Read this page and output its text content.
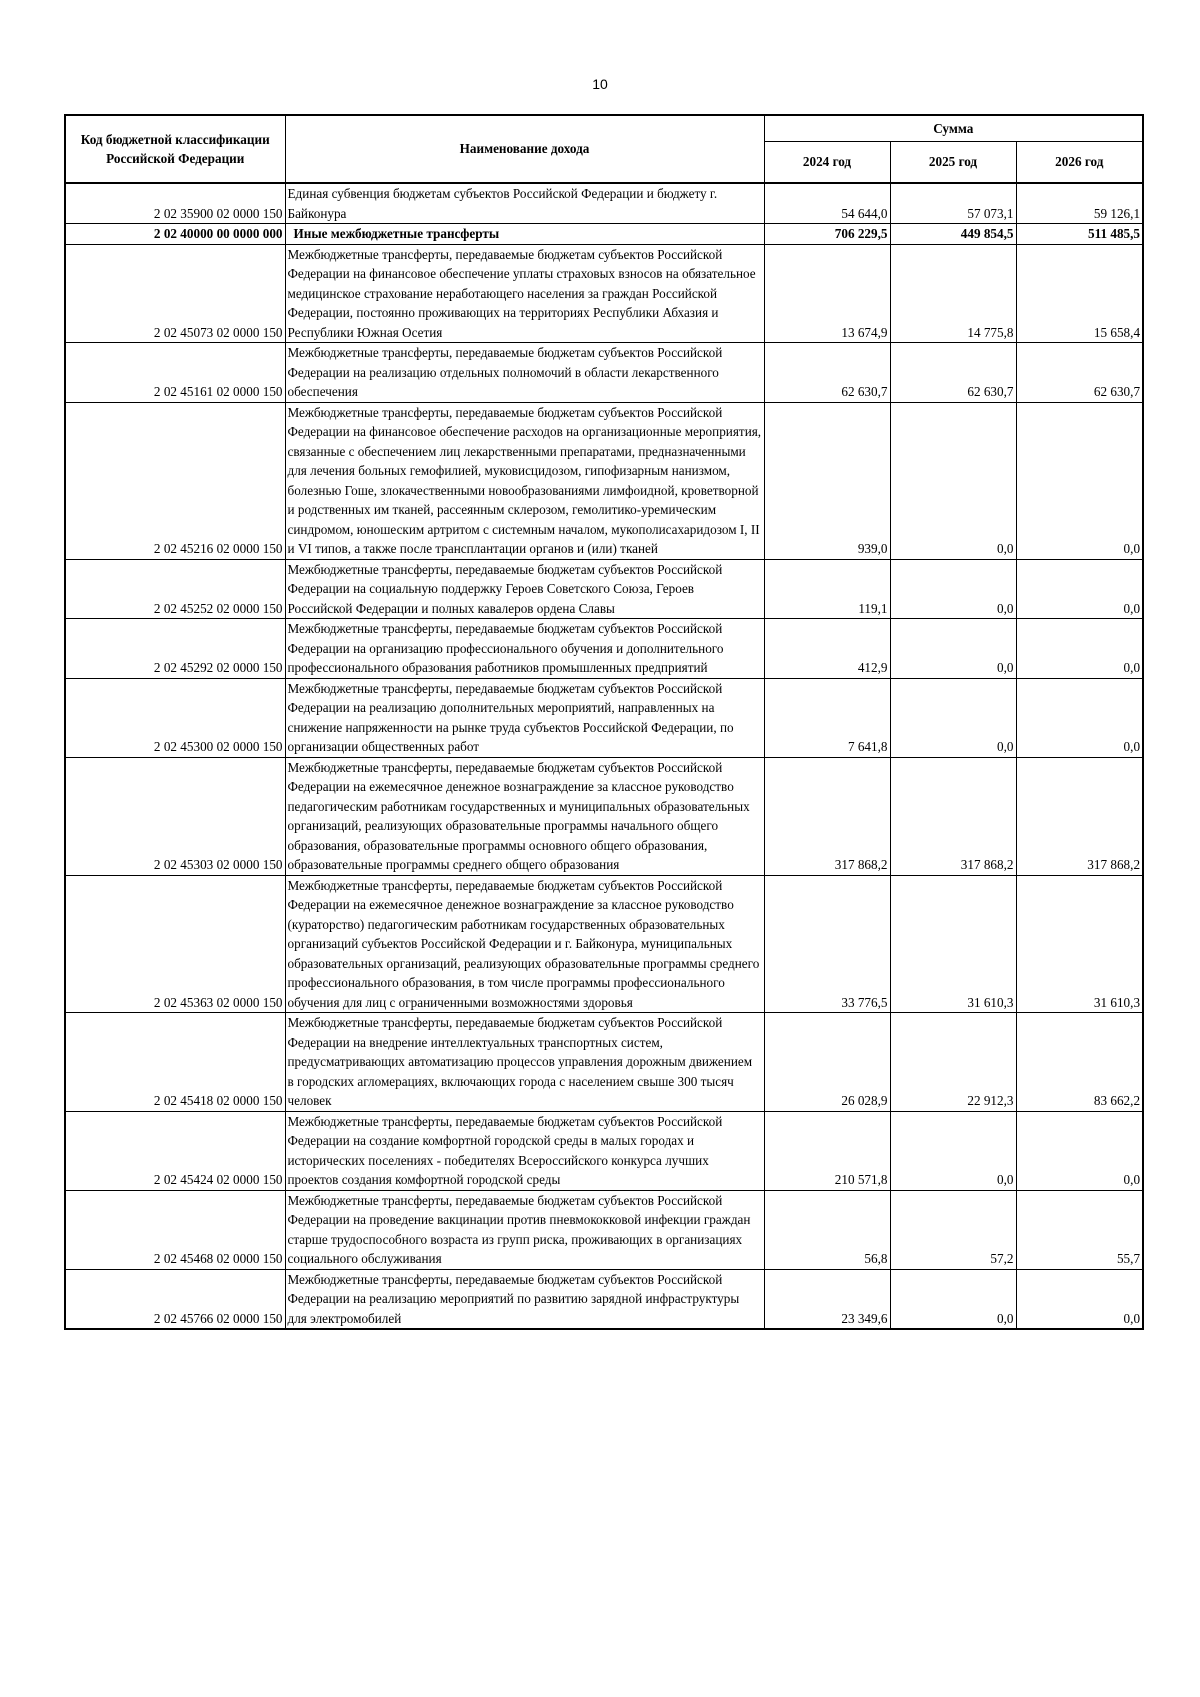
10
Код бюджетной классификации Российской Федерации	Наименование дохода	Сумма		
		2024 год	2025 год	2026 год
2 02 35900 02 0000 150	Единая субвенция бюджетам субъектов Российской Федерации и бюджету г. Байконура	54 644,0	57 073,1	59 126,1
2 02 40000 00 0000 000	Иные межбюджетные трансферты	706 229,5	449 854,5	511 485,5
2 02 45073 02 0000 150	Межбюджетные трансферты, передаваемые бюджетам субъектов Российской Федерации на финансовое обеспечение уплаты страховых взносов на обязательное медицинское страхование неработающего населения за граждан Российской Федерации, постоянно проживающих на территориях Республики Абхазия и Республики Южная Осетия	13 674,9	14 775,8	15 658,4
2 02 45161 02 0000 150	Межбюджетные трансферты, передаваемые бюджетам субъектов Российской Федерации на реализацию отдельных полномочий в области лекарственного обеспечения	62 630,7	62 630,7	62 630,7
2 02 45216 02 0000 150	Межбюджетные трансферты, передаваемые бюджетам субъектов Российской Федерации на финансовое обеспечение расходов на организационные мероприятия, связанные с обеспечением лиц лекарственными препаратами, предназначенными для лечения больных гемофилией, муковисцидозом, гипофизарным нанизмом, болезнью Гоше, злокачественными новообразованиями лимфоидной, кроветворной и родственных им тканей, рассеянным склерозом, гемолитико-уремическим синдромом, юношеским артритом с системным началом, мукополисахаридозом I, II и VI типов, а также после трансплантации органов и (или) тканей	939,0	0,0	0,0
2 02 45252 02 0000 150	Межбюджетные трансферты, передаваемые бюджетам субъектов Российской Федерации на социальную поддержку Героев Советского Союза, Героев Российской Федерации и полных кавалеров ордена Славы	119,1	0,0	0,0
2 02 45292 02 0000 150	Межбюджетные трансферты, передаваемые бюджетам субъектов Российской Федерации на организацию профессионального обучения и дополнительного профессионального образования работников промышленных предприятий	412,9	0,0	0,0
2 02 45300 02 0000 150	Межбюджетные трансферты, передаваемые бюджетам субъектов Российской Федерации на реализацию дополнительных мероприятий, направленных на снижение напряженности на рынке труда субъектов Российской Федерации, по организации общественных работ	7 641,8	0,0	0,0
2 02 45303 02 0000 150	Межбюджетные трансферты, передаваемые бюджетам субъектов Российской Федерации на ежемесячное денежное вознаграждение за классное руководство педагогическим работникам государственных и муниципальных образовательных организаций, реализующих образовательные программы начального общего образования, образовательные программы основного общего образования, образовательные программы среднего общего образования	317 868,2	317 868,2	317 868,2
2 02 45363 02 0000 150	Межбюджетные трансферты, передаваемые бюджетам субъектов Российской Федерации на ежемесячное денежное вознаграждение за классное руководство (кураторство) педагогическим работникам государственных образовательных организаций субъектов Российской Федерации и г. Байконура, муниципальных образовательных организаций, реализующих образовательные программы среднего профессионального образования, в том числе программы профессионального обучения для лиц с ограниченными возможностями здоровья	33 776,5	31 610,3	31 610,3
2 02 45418 02 0000 150	Межбюджетные трансферты, передаваемые бюджетам субъектов Российской Федерации на внедрение интеллектуальных транспортных систем, предусматривающих автоматизацию процессов управления дорожным движением в городских агломерациях, включающих города с населением свыше 300 тысяч человек	26 028,9	22 912,3	83 662,2
2 02 45424 02 0000 150	Межбюджетные трансферты, передаваемые бюджетам субъектов Российской Федерации на создание комфортной городской среды в малых городах и исторических поселениях - победителях Всероссийского конкурса лучших проектов создания комфортной городской среды	210 571,8	0,0	0,0
2 02 45468 02 0000 150	Межбюджетные трансферты, передаваемые бюджетам субъектов Российской Федерации на проведение вакцинации против пневмококковой инфекции граждан старше трудоспособного возраста из групп риска, проживающих в организациях социального обслуживания	56,8	57,2	55,7
2 02 45766 02 0000 150	Межбюджетные трансферты, передаваемые бюджетам субъектов Российской Федерации на реализацию мероприятий по развитию зарядной инфраструктуры для электромобилей	23 349,6	0,0	0,0
